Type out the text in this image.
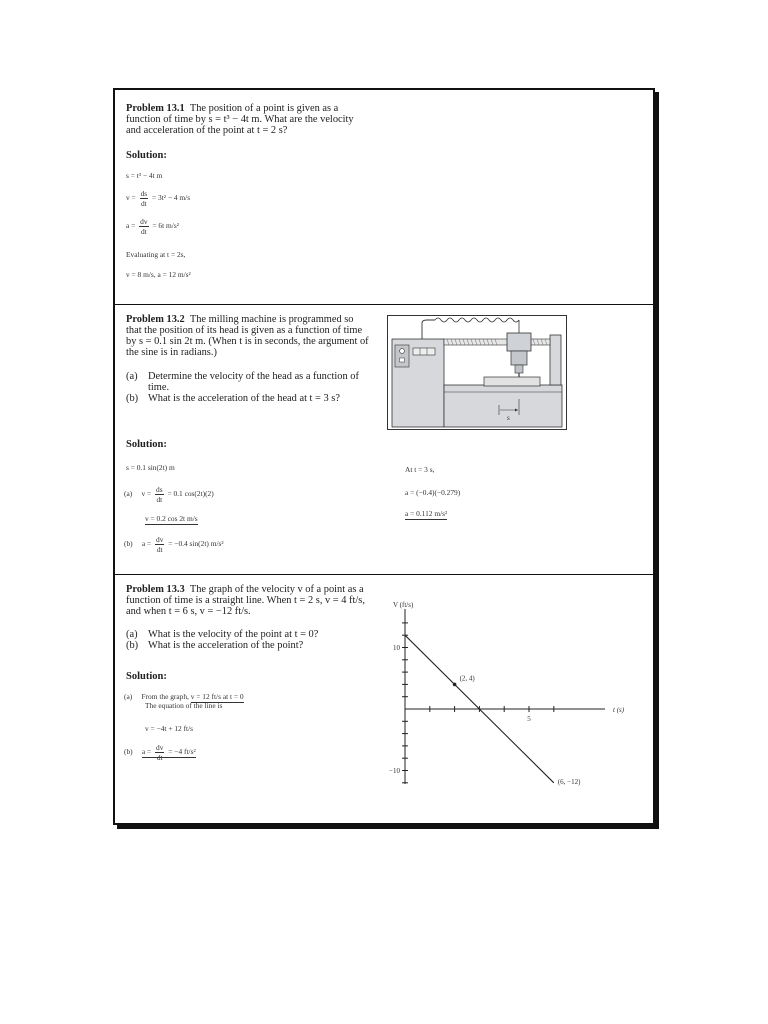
Problem 13.1 The position of a point is given as a function of time by s = t³ − 4t m. What are the velocity and acceleration of the point at t = 2 s?
Solution:
s = t³ − 4t m
$v = \frac{ds}{dt} = 3t^2 - 4$ m/s
$a = \frac{dv}{dt} = 6t$ m/s²
Evaluating at t = 2s,
v = 8 m/s, a = 12 m/s²
Problem 13.2 The milling machine is programmed so that the position of its head is given as a function of time by s = 0.1 sin 2t m. (When t is in seconds, the argument of the sine is in radians.)
(a)	Determine the velocity of the head as a function of time.
(b) What is the acceleration of the head at t = 3 s?
s
Solution:
s = 0.1 sin(2t) m
(a) $v = \frac{ds}{dt} = 0.1$ cos(2t)(2)
v = 0.2 cos 2t m/s
(b) $a = \frac{dv}{dt} = -0.4$ sin(2t) m/s²
At t = 3 s,
a = (−0.4)(−0.279)
a = 0.112 m/s²
Problem 13.3 The graph of the velocity v of a point as a function of time is a straight line. When t = 2 s, v = 4 ft/s, and when t = 6 s, v = −12 ft/s.
(a)	What is the velocity of the point at t = 0?
(b) What is the acceleration of the point?
Solution:
(a) From the graph, v = 12 ft/s at t = 0
The equation of the line is
v = −4t + 12 ft/s
(b) $a = \frac{dv}{dt} = -4$ ft/s²
V (ft/s)
t (s)
10
−10
5
(2, 4)
(6, −12)
